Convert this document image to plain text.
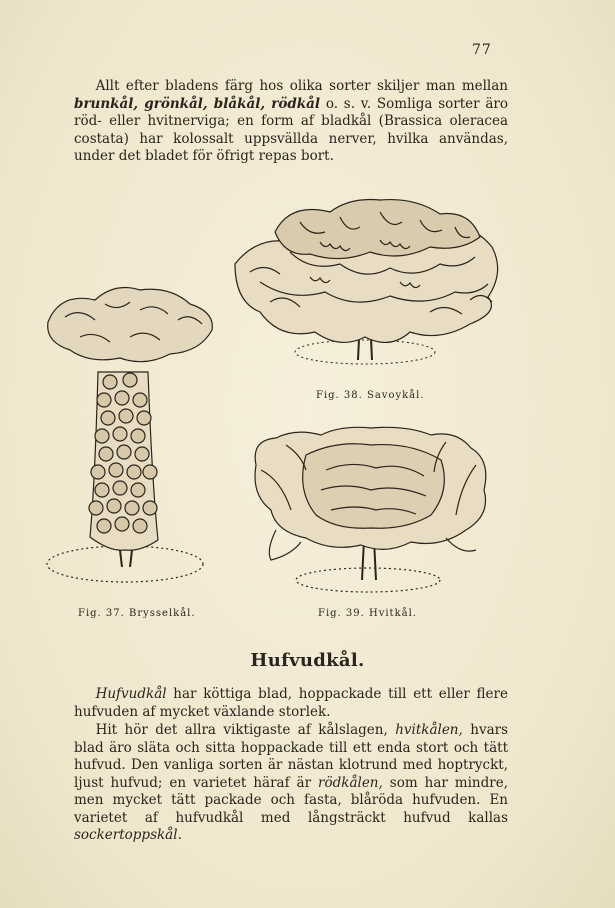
77

Allt efter bladens färg hos olika sorter skiljer man mellan brunkål, grönkål, blåkål, rödkål o. s. v. Somliga sorter äro röd- eller hvitnerviga; en form af bladkål (Brassica oleracea costata) har kolossalt uppsvällda nerver, hvilka användas, under det bladet för öfrigt repas bort.

Fig. 38. Savoykål.
Fig. 37. Brysselkål.	Fig. 39. Hvitkål.
Hufvudkål.

Hufvudkål har köttiga blad, hoppackade till ett eller flere hufvuden af mycket växlande storlek.

Hit hör det allra viktigaste af kålslagen, hvitkålen, hvars blad äro släta och sitta hoppackade till ett enda stort och tätt hufvud. Den vanliga sorten är nästan klotrund med hoptryckt, ljust hufvud; en varietet häraf är rödkålen, som har mindre, men mycket tätt packade och fasta, blåröda hufvuden. En varietet af hufvudkål med långsträckt hufvud kallas sockertoppskål.
